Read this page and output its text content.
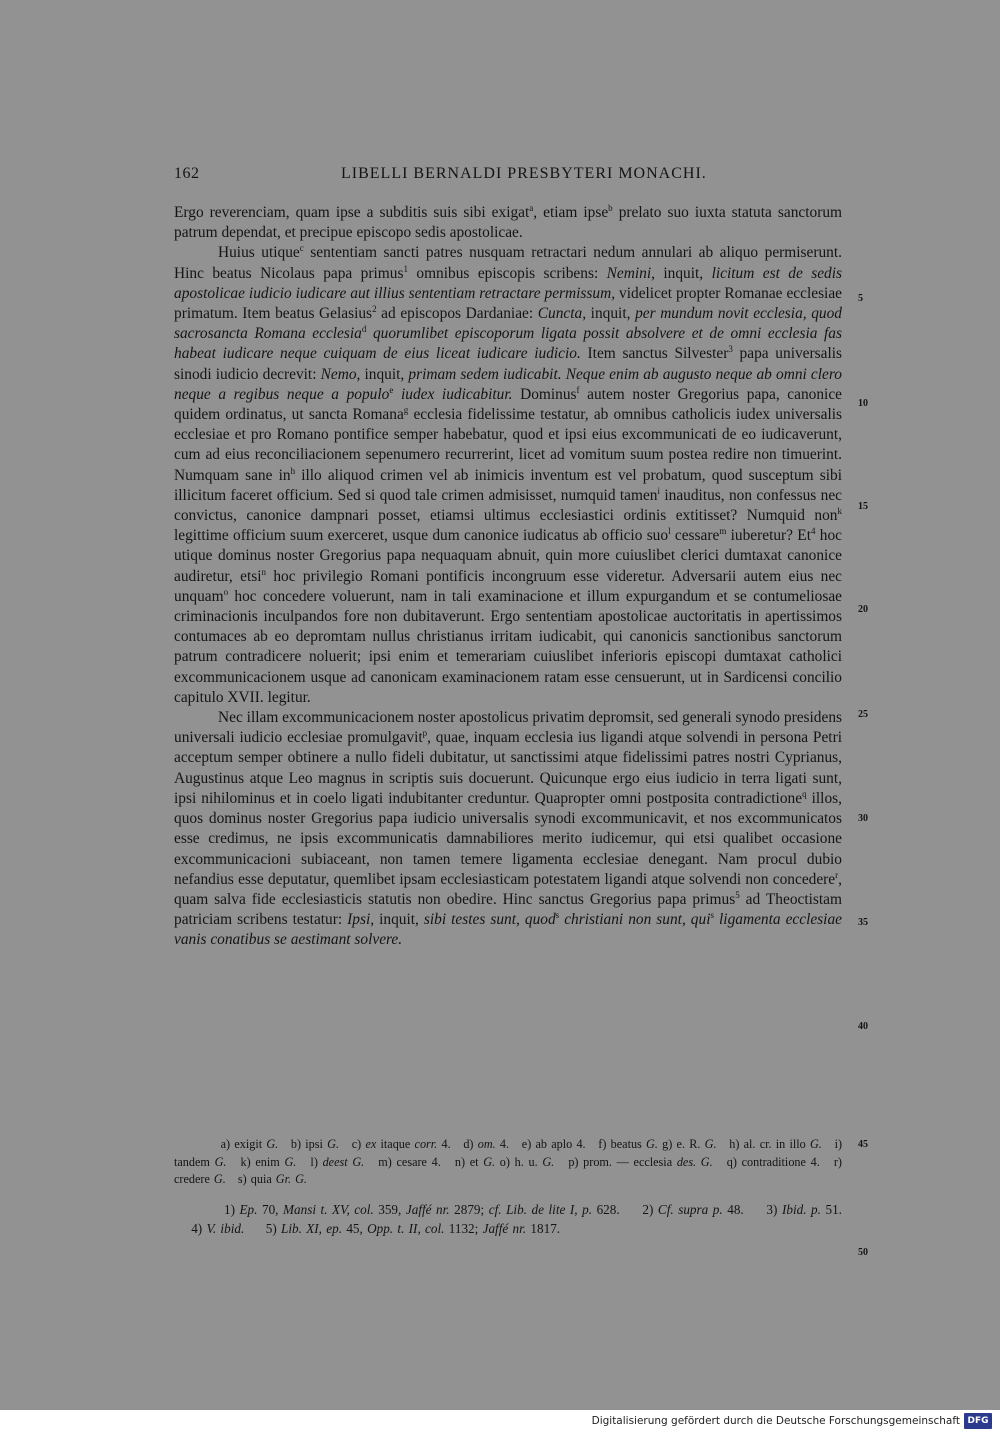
162	LIBELLI BERNALDI PRESBYTERI MONACHI.

Ergo reverenciam, quam ipse a subditis suis sibi exigat$^a$, etiam ipse$^b$ prelato suo iuxta statuta sanctorum patrum dependat, et precipue episcopo sedis apostolicae.

Huius utique$^c$ sententiam sancti patres nusquam retractari nedum annulari ab aliquo permiserunt. Hinc beatus Nicolaus papa primus$^1$ omnibus episcopis scribens: Nemini, inquit, licitum est de sedis apostolicae iudicio iudicare aut illius sententiam retractare permissum, videlicet propter Romanae ecclesiae primatum. Item beatus Gelasius$^2$ ad episcopos Dardaniae: Cuncta, inquit, per mundum novit ecclesia, quod sacrosancta Romana ecclesia$^d$ quorumlibet episcoporum ligata possit absolvere et de omni ecclesia fas habeat iudicare neque cuiquam de eius liceat iudicare iudicio. Item sanctus Silvester$^3$ papa universalis sinodi iudicio decrevit: Nemo, inquit, primam sedem iudicabit. Neque enim ab augusto neque ab omni clero neque a regibus neque a populo$^e$ iudex iudicabitur. Dominus$^f$ autem noster Gregorius papa, canonice quidem ordinatus, ut sancta Romana$^g$ ecclesia fidelissime testatur, ab omnibus catholicis iudex universalis ecclesiae et pro Romano pontifice semper habebatur, quod et ipsi eius excommunicati de eo iudicaverunt, cum ad eius reconciliacionem sepenumero recurrerint, licet ad vomitum suum postea redire non timuerint. Numquam sane $in^h$ illo aliquod crimen vel ab inimicis inventum est vel probatum, quod susceptum sibi illicitum faceret officium. Sed si quod tale crimen admisisset, numquid tamen$^i$ inauditus, non confessus nec convictus, canonice dampnari posset, etiamsi ultimus ecclesiastici ordinis extitisset? Numquid non$^k$ legittime officium suum exerceret, usque dum canonice iudicatus ab officio suo$^l$ cessare$^m$ iuberetur? Et$^4$ hoc utique dominus noster Gregorius papa nequaquam abnuit, quin more cuiuslibet clerici dumtaxat canonice audiretur, etsi$^n$ hoc privilegio Romani pontificis incongruum esse videretur. Adversarii autem eius nec unquam$^o$ hoc concedere voluerunt, nam in tali examinacione et illum expurgandum et se contumeliosae criminacionis inculpandos fore non dubitaverunt. Ergo sententiam apostolicae auctoritatis in apertissimos contumaces ab eo depromtam nullus christianus irritam iudicabit, qui canonicis sanctionibus sanctorum patrum contradicere noluerit; ipsi enim et temerariam cuiuslibet inferioris episcopi dumtaxat catholici excommunicacionem usque ad canonicam examinacionem ratam esse censuerunt, ut in Sardicensi concilio capitulo XVII. legitur.

Nec illam excommunicacionem noster apostolicus privatim depromsit, sed generali synodo presidens universali iudicio ecclesiae promulgavit$^p$, quae, inquam ecclesia ius ligandi atque solvendi in persona Petri acceptum semper obtinere a nullo fideli dubitatur, ut sanctissimi atque fidelissimi patres nostri Cyprianus, Augustinus atque Leo magnus in scriptis suis docuerunt. Quicunque ergo eius iudicio in terra ligati sunt, ipsi nihilominus et in coelo ligati indubitanter creduntur. Quapropter omni postposita contradictione$^q$ illos, quos dominus noster Gregorius papa iudicio universalis synodi excommunicavit, et nos excommunicatos esse credimus, ne ipsis excommunicatis damnabiliores merito iudicemur, qui etsi qualibet occasione excommunicacioni subiaceant, non tamen temere ligamenta ecclesiae denegant. Nam procul dubio nefandius esse deputatur, quemlibet ipsam ecclesiasticam potestatem ligandi atque solvendi non concedere$^r$, quam salva fide ecclesiasticis statutis non obedire. Hinc sanctus Gregorius papa primus$^5$ ad Theoctistam patriciam scribens testatur: Ipsi, inquit, sibi testes sunt, quod$^s$ christiani non sunt, qui$^s$ ligamenta ecclesiae vanis conatibus se aestimant solvere.

5
10
15
20
25
30
35
40
45
50

a) exigit G.   b) ipsi G.   c) ex itaque corr. 4.   d) om. 4.   e) ab aplo 4.   f) beatus G. g) e. R. G.   h) al. cr. in illo G.   i) tandem G.   k) enim G.   l) deest G.   m) cesare 4.   n) et G. o) h. u. G.   p) prom. — ecclesia des. G.   q) contraditione 4.   r) credere G.   s) quia Gr. G.

1) Ep. 70, Mansi t. XV, col. 359, Jaffé nr. 2879; cf. Lib. de lite I, p. 628.     2) Cf. supra p. 48.     3) Ibid. p. 51.     4) V. ibid.     5) Lib. XI, ep. 45, Opp. t. II, col. 1132; Jaffé nr. 1817.

Digitalisierung gefördert durch die Deutsche Forschungsgemeinschaft DFG
